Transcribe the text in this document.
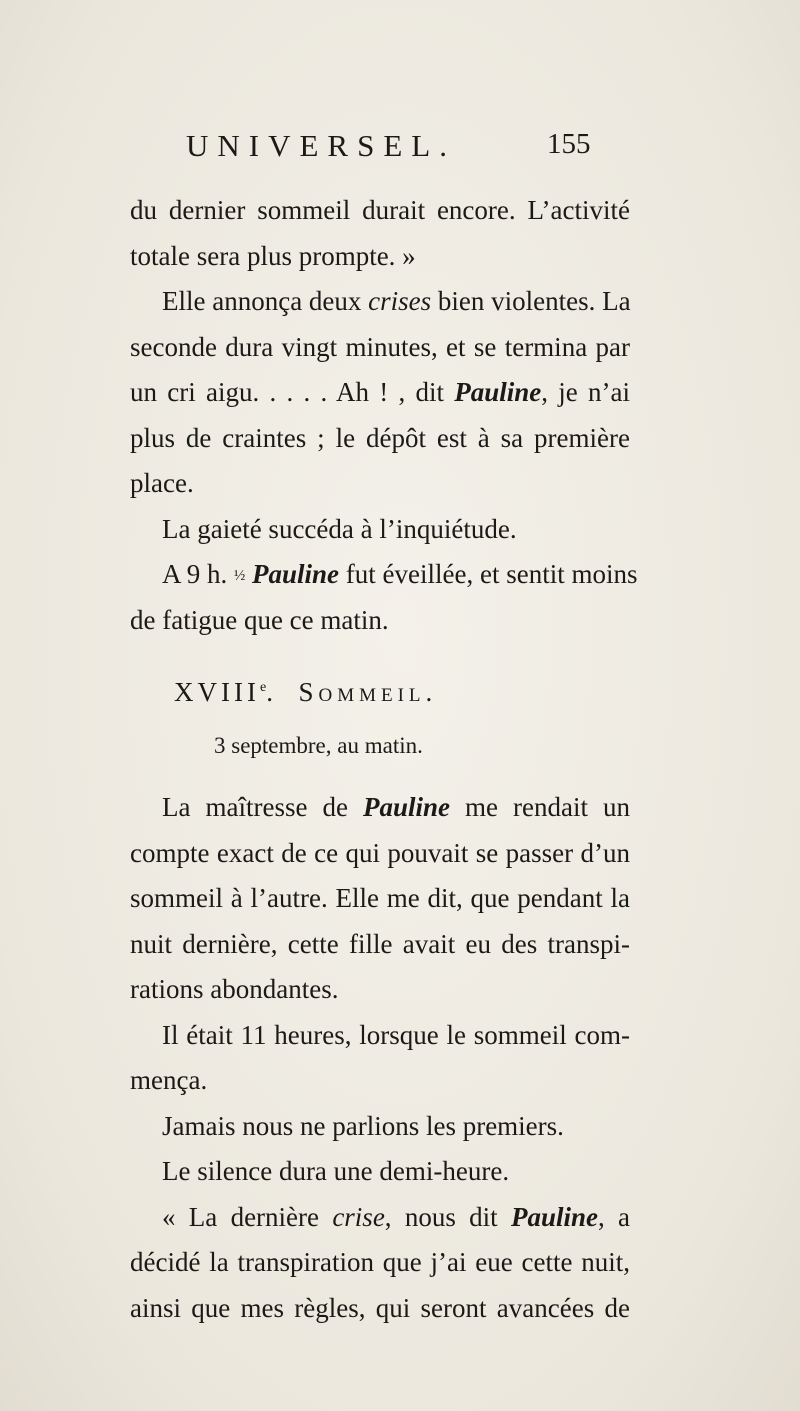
UNIVERSEL.	155
du dernier sommeil durait encore. L’activité
totale sera plus prompte. »
Elle annonça deux crises bien violentes. La
seconde dura vingt minutes, et se termina par
un cri aigu. . . . . Ah ! , dit Pauline, je n’ai
plus de craintes ; le dépôt est à sa première
place.
La gaieté succéda à l’inquiétude.
A 9 h. ½ Pauline fut éveillée, et sentit moins
de fatigue que ce matin.
XVIIIe. Sommeil.
3 septembre, au matin.
La maîtresse de Pauline me rendait un
compte exact de ce qui pouvait se passer d’un
sommeil à l’autre. Elle me dit, que pendant la
nuit dernière, cette fille avait eu des transpi-
rations abondantes.
Il était 11 heures, lorsque le sommeil com-
mença.
Jamais nous ne parlions les premiers.
Le silence dura une demi-heure.
« La dernière crise, nous dit Pauline, a
décidé la transpiration que j’ai eue cette nuit,
ainsi que mes règles, qui seront avancées de
